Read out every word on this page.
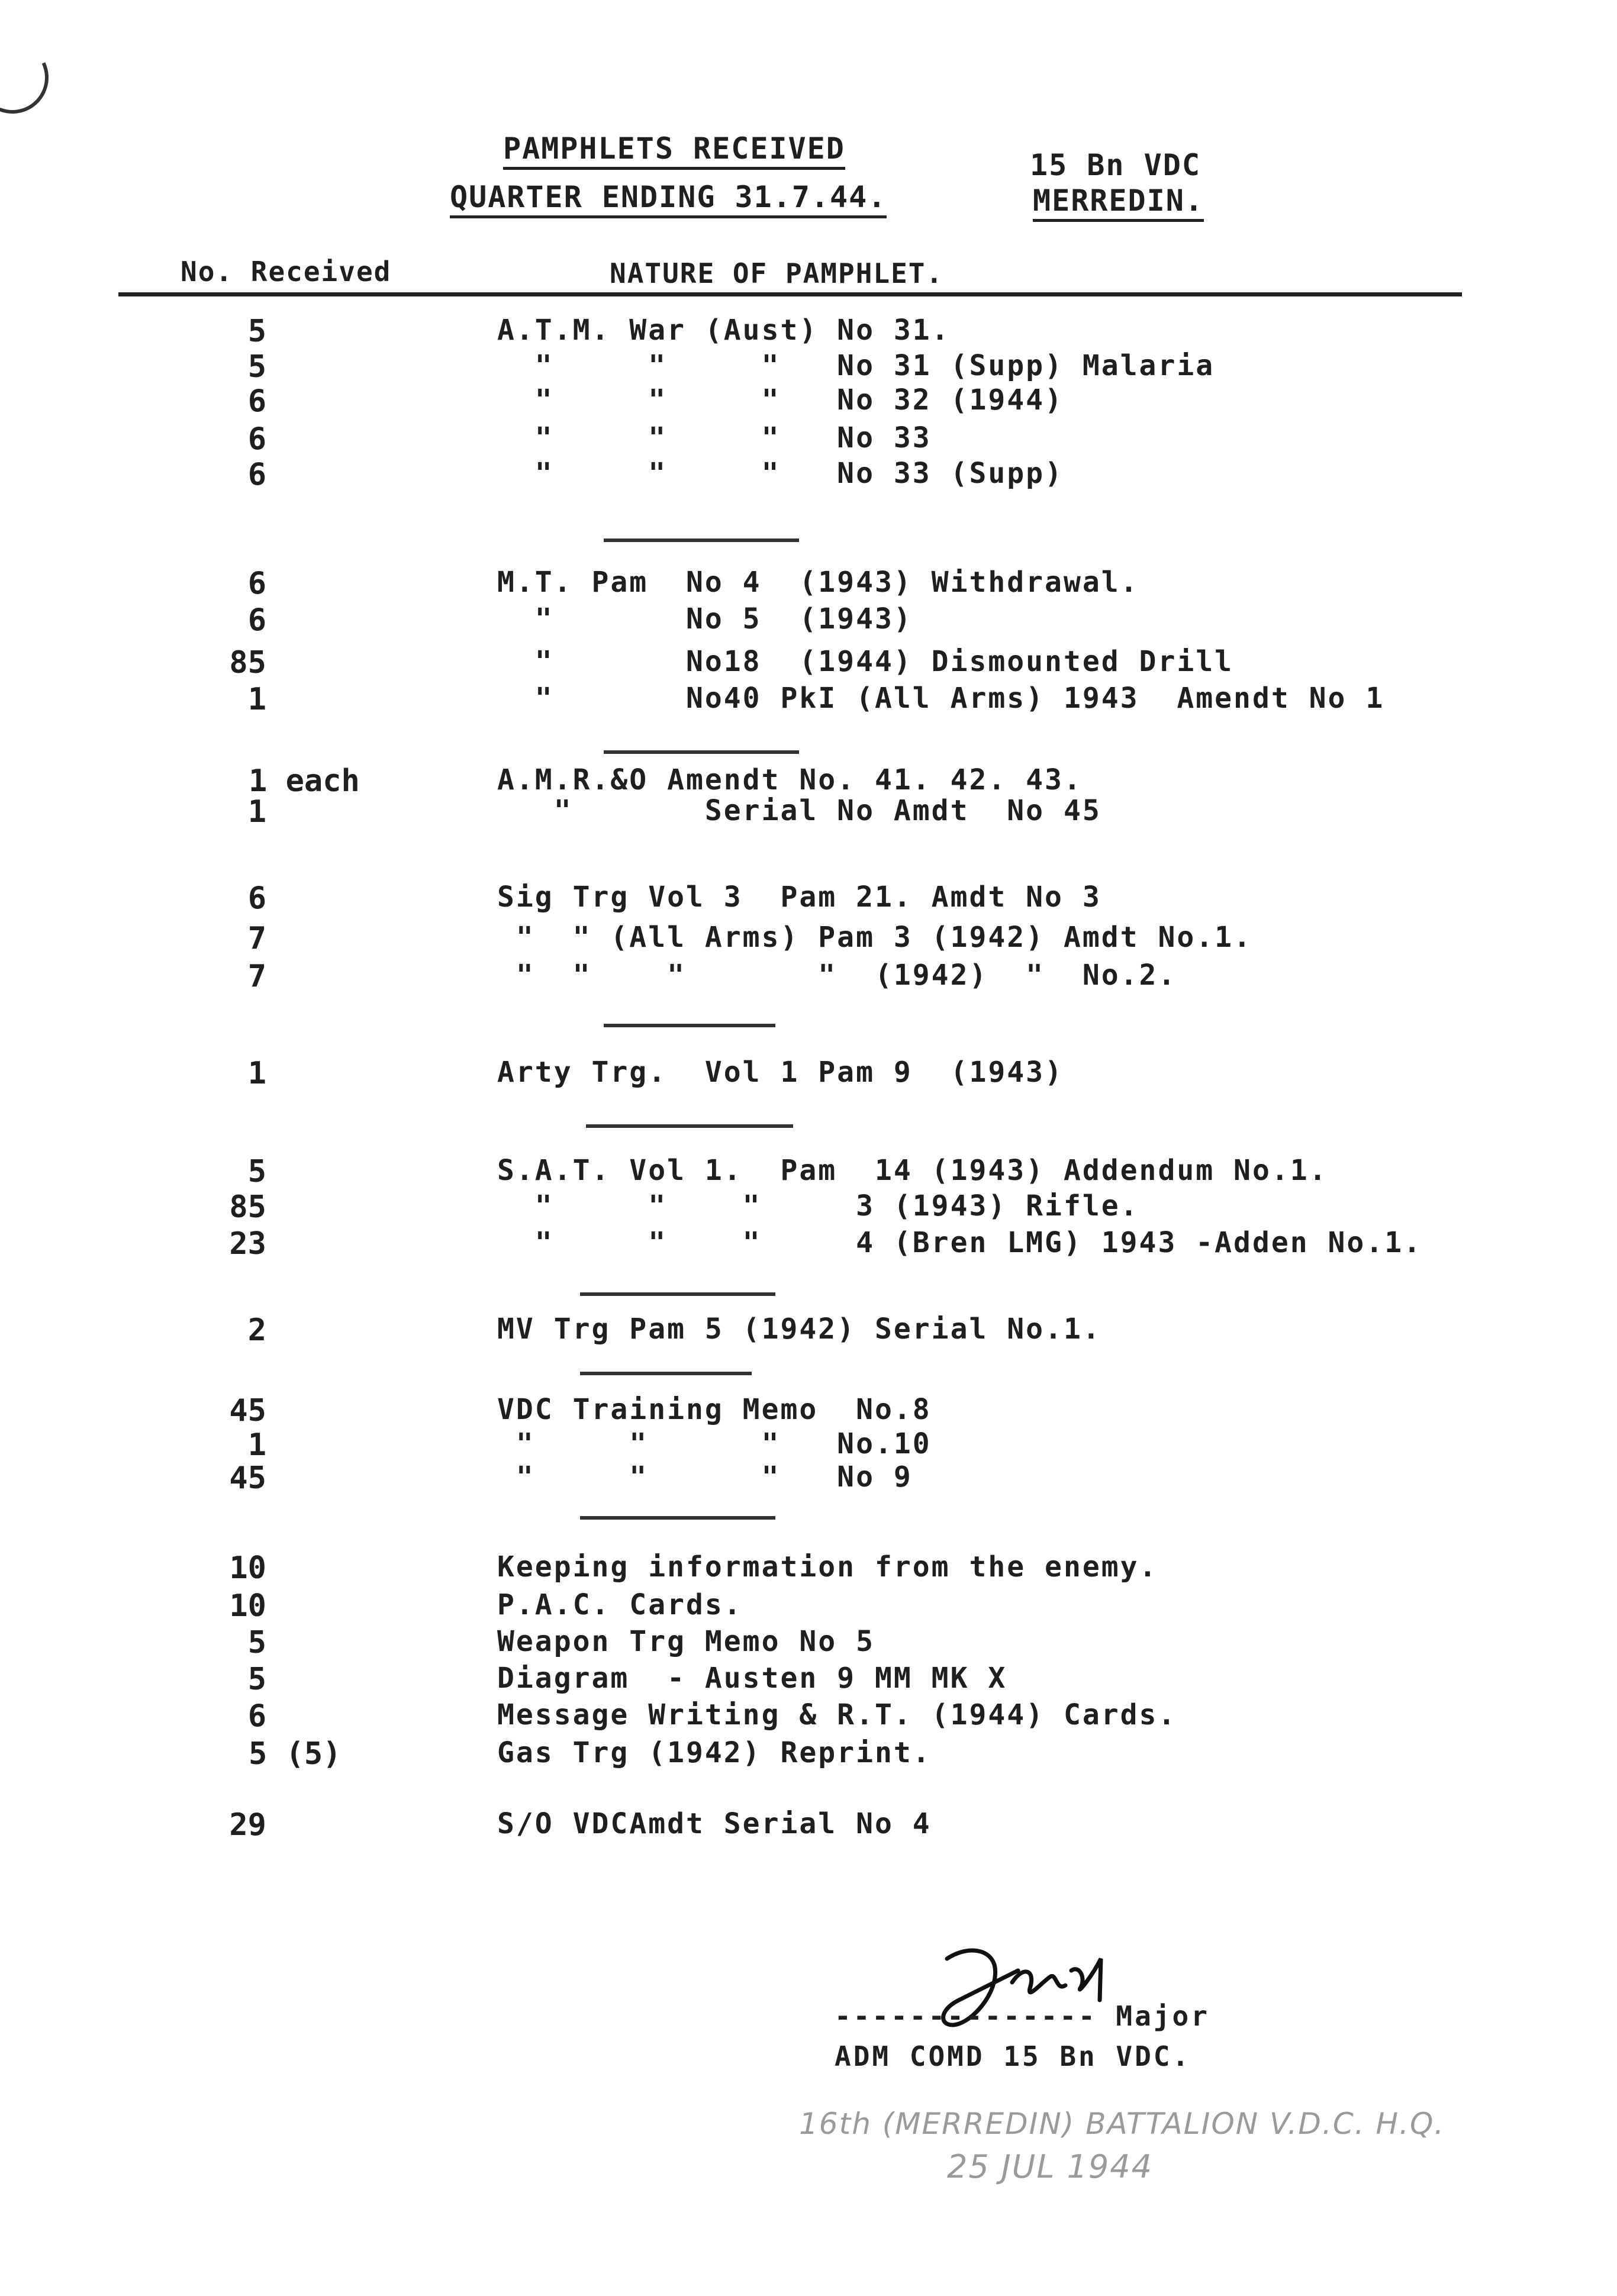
PAMPHLETS RECEIVED
QUARTER ENDING 31.7.44.
15 Bn VDC
MERREDIN.
No. Received	NATURE OF PAMPHLET.
5	A.T.M. War (Aust) No 31.
5	"     "     "   No 31 (Supp) Malaria
6	"     "     "   No 32 (1944)
6	"     "     "   No 33
6	"     "     "   No 33 (Supp)
6	M.T. Pam  No 4  (1943) Withdrawal.
6	"       No 5  (1943)
85	"       No18  (1944) Dismounted Drill
1	"       No40 PkI (All Arms) 1943  Amendt No 1
1 each	A.M.R.&O Amendt No. 41. 42. 43.
1	"       Serial No Amdt  No 45
6	Sig Trg Vol 3  Pam 21. Amdt No 3
7	"  " (All Arms) Pam 3 (1942) Amdt No.1.
7	"  "    "       "  (1942)  "  No.2.
1	Arty Trg.  Vol 1 Pam 9  (1943)
5	S.A.T. Vol 1.  Pam  14 (1943) Addendum No.1.
85	"     "    "     3 (1943) Rifle.
23	"     "    "     4 (Bren LMG) 1943 -Adden No.1.
2	MV Trg Pam 5 (1942) Serial No.1.
45	VDC Training Memo  No.8
1	"     "      "   No.10
45	"     "      "   No 9
10	Keeping information from the enemy.
10	P.A.C. Cards.
5	Weapon Trg Memo No 5
5	Diagram  - Austen 9 MM MK X
6	Message Writing & R.T. (1944) Cards.
5 (5)	Gas Trg (1942) Reprint.
29	S/O VDCAmdt Serial No 4
-------------- Major
ADM COMD 15 Bn VDC.
16th (MERREDIN) BATTALION V.D.C. H.Q.
25 JUL 1944
